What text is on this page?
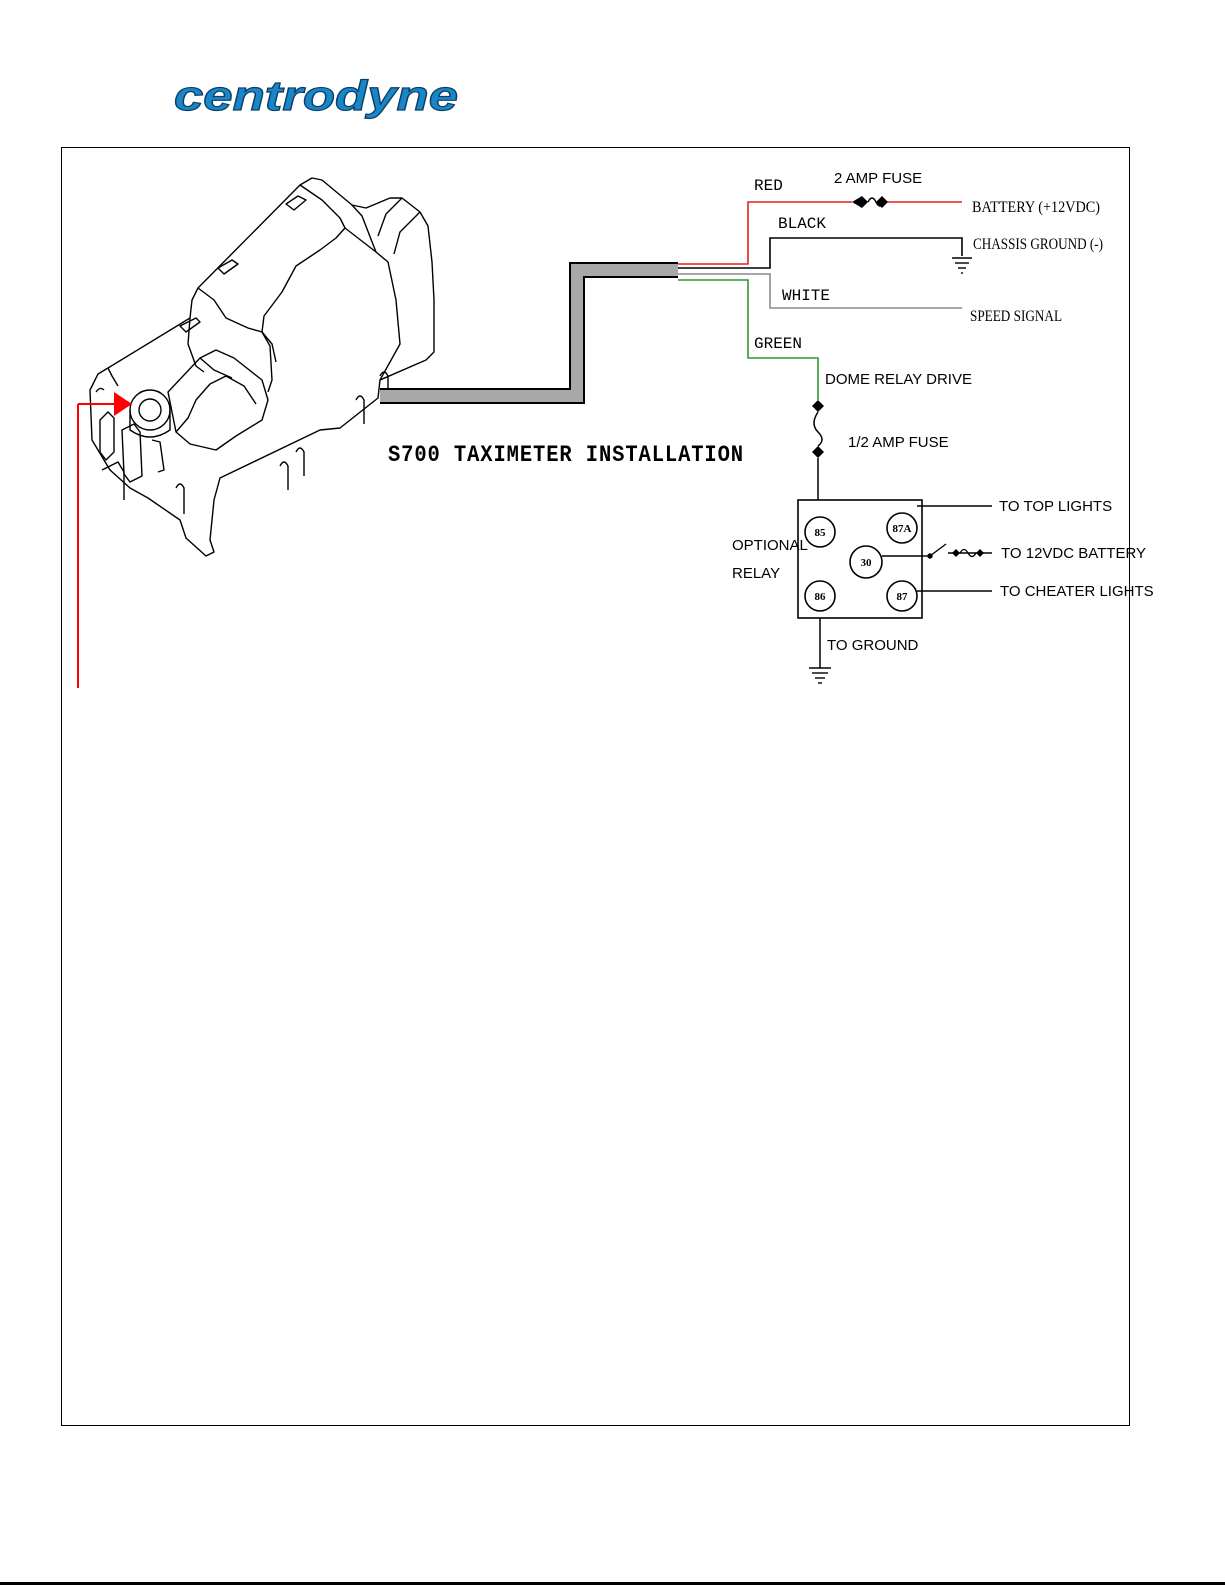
centrodyne
S700 TAXIMETER INSTALLATION
RED	2 AMP FUSE
BATTERY (+12VDC)
BLACK
CHASSIS GROUND (-)
WHITE
SPEED SIGNAL
GREEN
DOME RELAY DRIVE
1/2 AMP FUSE
OPTIONAL
RELAY
85
86
87A
30
87
TO TOP LIGHTS
TO 12VDC BATTERY
TO CHEATER LIGHTS
TO GROUND
